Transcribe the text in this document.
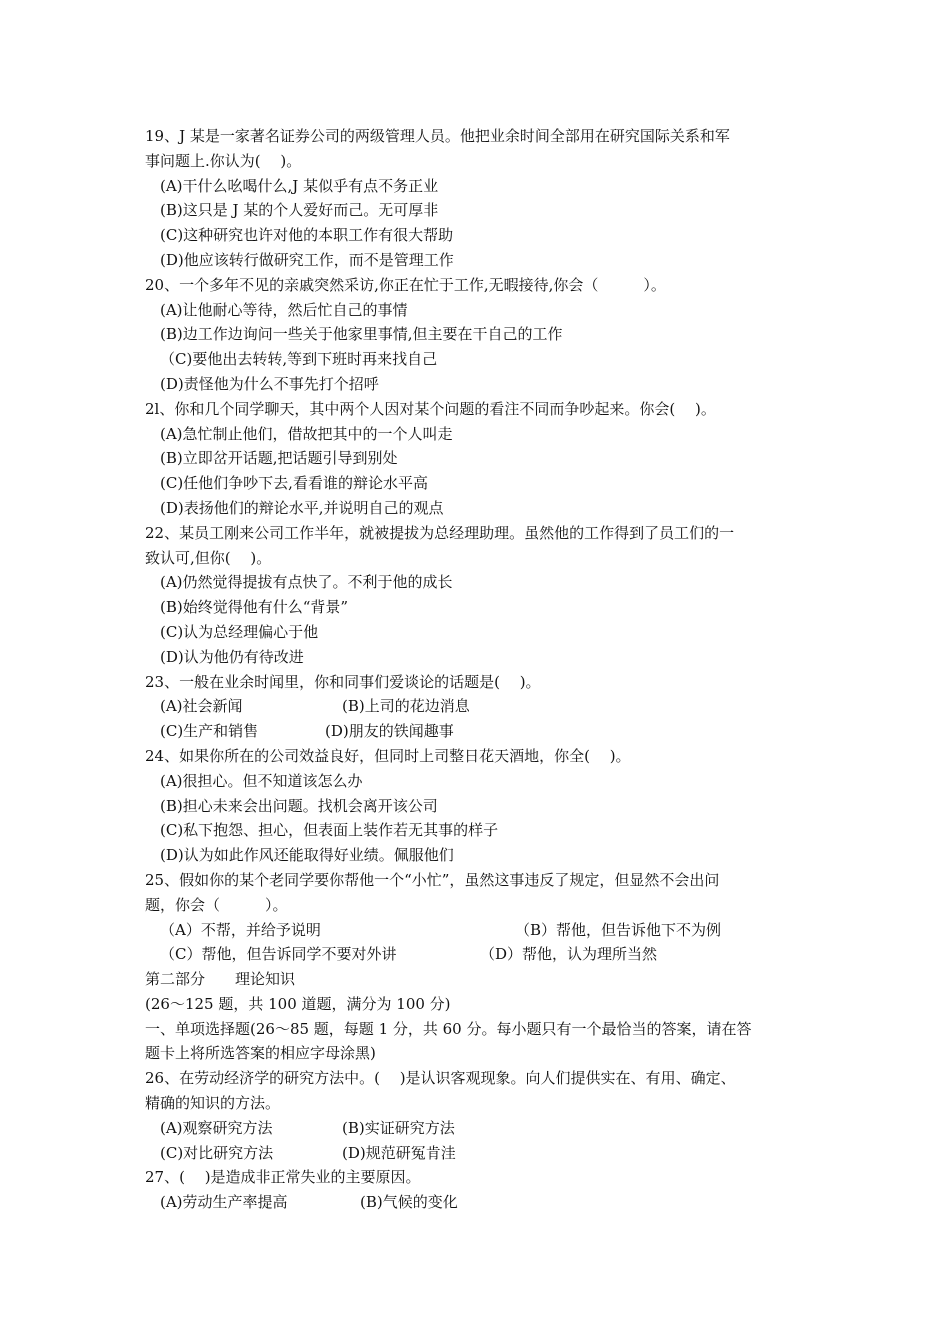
19、J 某是一家著名证券公司的两级管理人员。他把业余时间全部用在研究国际关系和军
事问题上.你认为(　 )。
(A)干什么吆喝什么,J 某似乎有点不务正业
(B)这只是 J 某的个人爱好而己。无可厚非
(C)这种研究也许对他的本职工作有很大帮助
(D)他应该转行做研究工作，而不是管理工作
20、一个多年不见的亲戚突然采访,你正在忙于工作,无暇接待,你会（　　　）。
(A)让他耐心等待，然后忙自己的事情
(B)边工作边询问一些关于他家里事情,但主要在干自己的工作
（C)要他出去转转,等到下班时再来找自己
(D)责怪他为什么不事先打个招呼
2l、你和几个同学聊天，其中两个人因对某个问题的看注不同而争吵起来。你会(　 )。
(A)急忙制止他们，借故把其中的一个人叫走
(B)立即岔开话题,把话题引导到别处
(C)任他们争吵下去,看看谁的辩论水平高
(D)表扬他们的辩论水平,并说明自己的观点
22、某员工刚来公司工作半年，就被提拔为总经理助理。虽然他的工作得到了员工们的一
致认可,但你(　 )。
(A)仍然觉得提拔有点快了。不利于他的成长
(B)始终觉得他有什么“背景”
(C)认为总经理偏心于他
(D)认为他仍有待改进
23、一般在业余时闻里，你和同事们爱谈论的话题是(　 )。
(A)社会新闻	(B)上司的花边消息
(C)生产和销售	(D)朋友的铁闻趣事
24、如果你所在的公司效益良好，但同时上司整日花天酒地，你全(　 )。
(A)很担心。但不知道该怎么办
(B)担心未来会出问题。找机会离开该公司
(C)私下抱怨、担心，但表面上装作若无其事的样子
(D)认为如此作风还能取得好业绩。佩服他们
25、假如你的某个老同学要你帮他一个“小忙”，虽然这事违反了规定，但显然不会出问
题，你会（　　　）。
（A）不帮，并给予说明	（B）帮他，但告诉他下不为例
（C）帮他，但告诉同学不要对外讲	（D）帮他，认为理所当然
第二部分　　理论知识
(26～125 题，共 100 道题，满分为 100 分)
一、单项选择题(26～85 题，每题 1 分，共 60 分。每小题只有一个最恰当的答案，请在答
题卡上将所选答案的相应字母涂黑)
26、在劳动经济学的研究方法中。(　 )是认识客观现象。向人们提供实在、有用、确定、
精确的知识的方法。
(A)观察研究方法	(B)实证研究方法
(C)对比研究方法	(D)规范研冤肯洼
27、(　 )是造成非正常失业的主要原因。
(A)劳动生产率提高	(B)气候的变化
